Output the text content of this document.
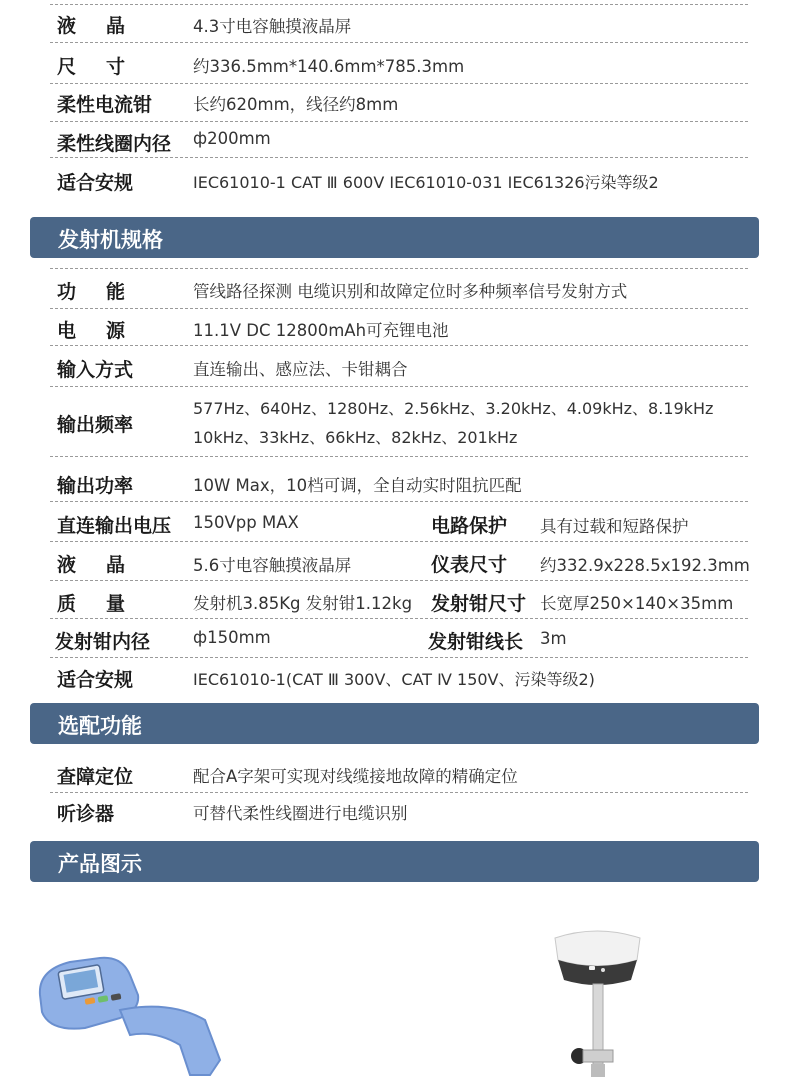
液晶 4.3寸电容触摸液晶屏
尺寸 约336.5mm*140.6mm*785.3mm
柔性电流钳 长约620mm，线径约8mm
柔性线圈内径 ф200mm
适合安规	IEC61010-1 CAT Ⅲ 600V IEC61010-031 IEC61326污染等级2
发射机规格
功能 管线路径探测 电缆识别和故障定位时多种频率信号发射方式
电源 11.1V DC 12800mAh可充锂电池
输入方式	直连输出、感应法、卡钳耦合
输出频率
577Hz、640Hz、1280Hz、2.56kHz、3.20kHz、4.09kHz、8.19kHz
10kHz、33kHz、66kHz、82kHz、201kHz
输出功率	10W Max，10档可调，全自动实时阻抗匹配
直连输出电压 150Vpp MAX	电路保护 具有过载和短路保护
液晶 5.6寸电容触摸液晶屏	仪表尺寸 约332.9x228.5x192.3mm
质量 发射机3.85Kg 发射钳1.12kg 发射钳尺寸 长宽厚250×140×35mm
发射钳内径	ф150mm	发射钳线长 3m
适合安规	IEC61010-1(CAT Ⅲ 300V、CAT Ⅳ 150V、污染等级2)
选配功能
查障定位	配合A字架可实现对线缆接地故障的精确定位
听诊器	可替代柔性线圈进行电缆识别
产品图示
